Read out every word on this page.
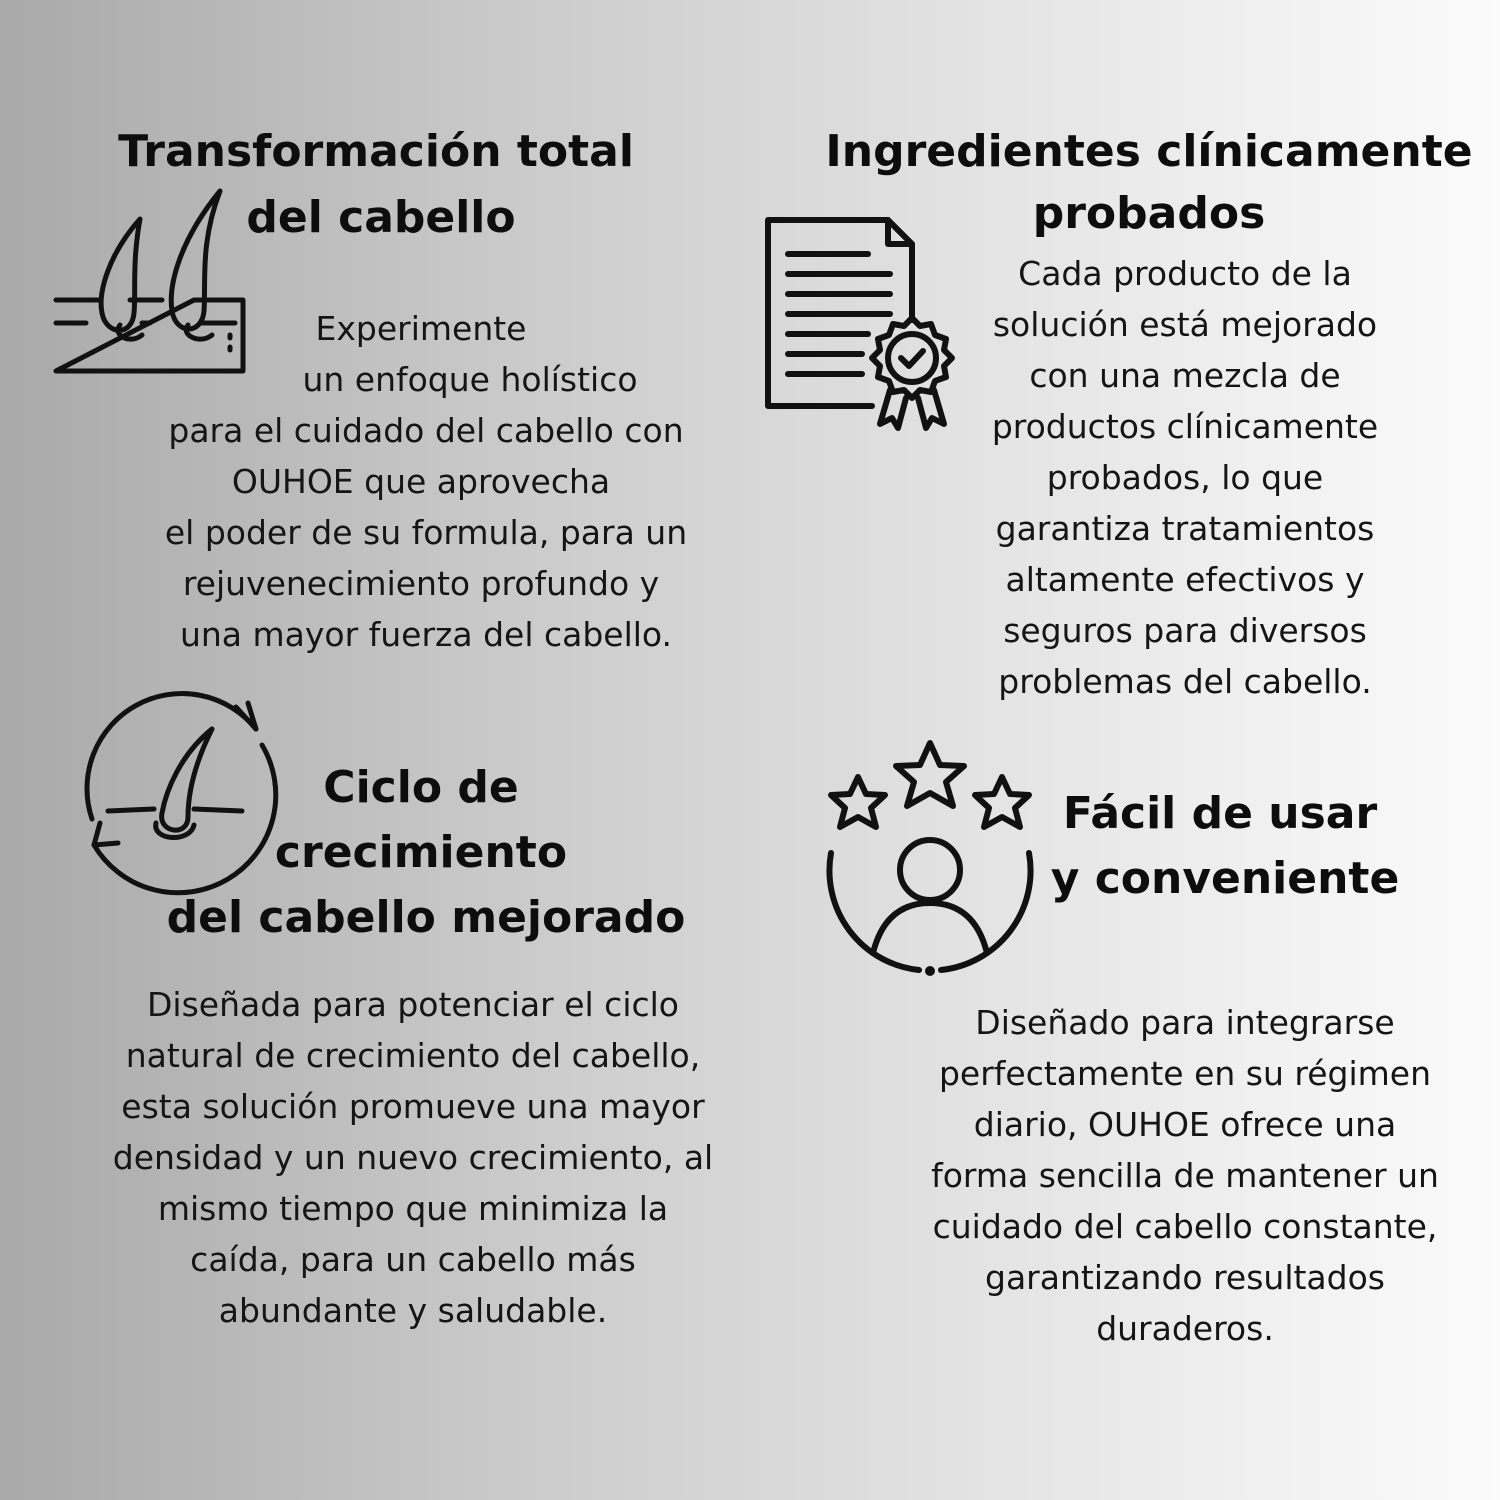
Transformación total
del cabello
Experimente
un enfoque holístico
para el cuidado del cabello con
OUHOE que aprovecha
el poder de su formula, para un
rejuvenecimiento profundo y
una mayor fuerza del cabello.
Ingredientes clínicamente
probados
Cada producto de la
solución está mejorado
con una mezcla de
productos clínicamente
probados, lo que
garantiza tratamientos
altamente efectivos y
seguros para diversos
problemas del cabello.
Ciclo de
crecimiento
del cabello mejorado
Diseñada para potenciar el ciclo
natural de crecimiento del cabello,
esta solución promueve una mayor
densidad y un nuevo crecimiento, al
mismo tiempo que minimiza la
caída, para un cabello más
abundante y saludable.
Fácil de usar
y conveniente
Diseñado para integrarse
perfectamente en su régimen
diario, OUHOE ofrece una
forma sencilla de mantener un
cuidado del cabello constante,
garantizando resultados
duraderos.
